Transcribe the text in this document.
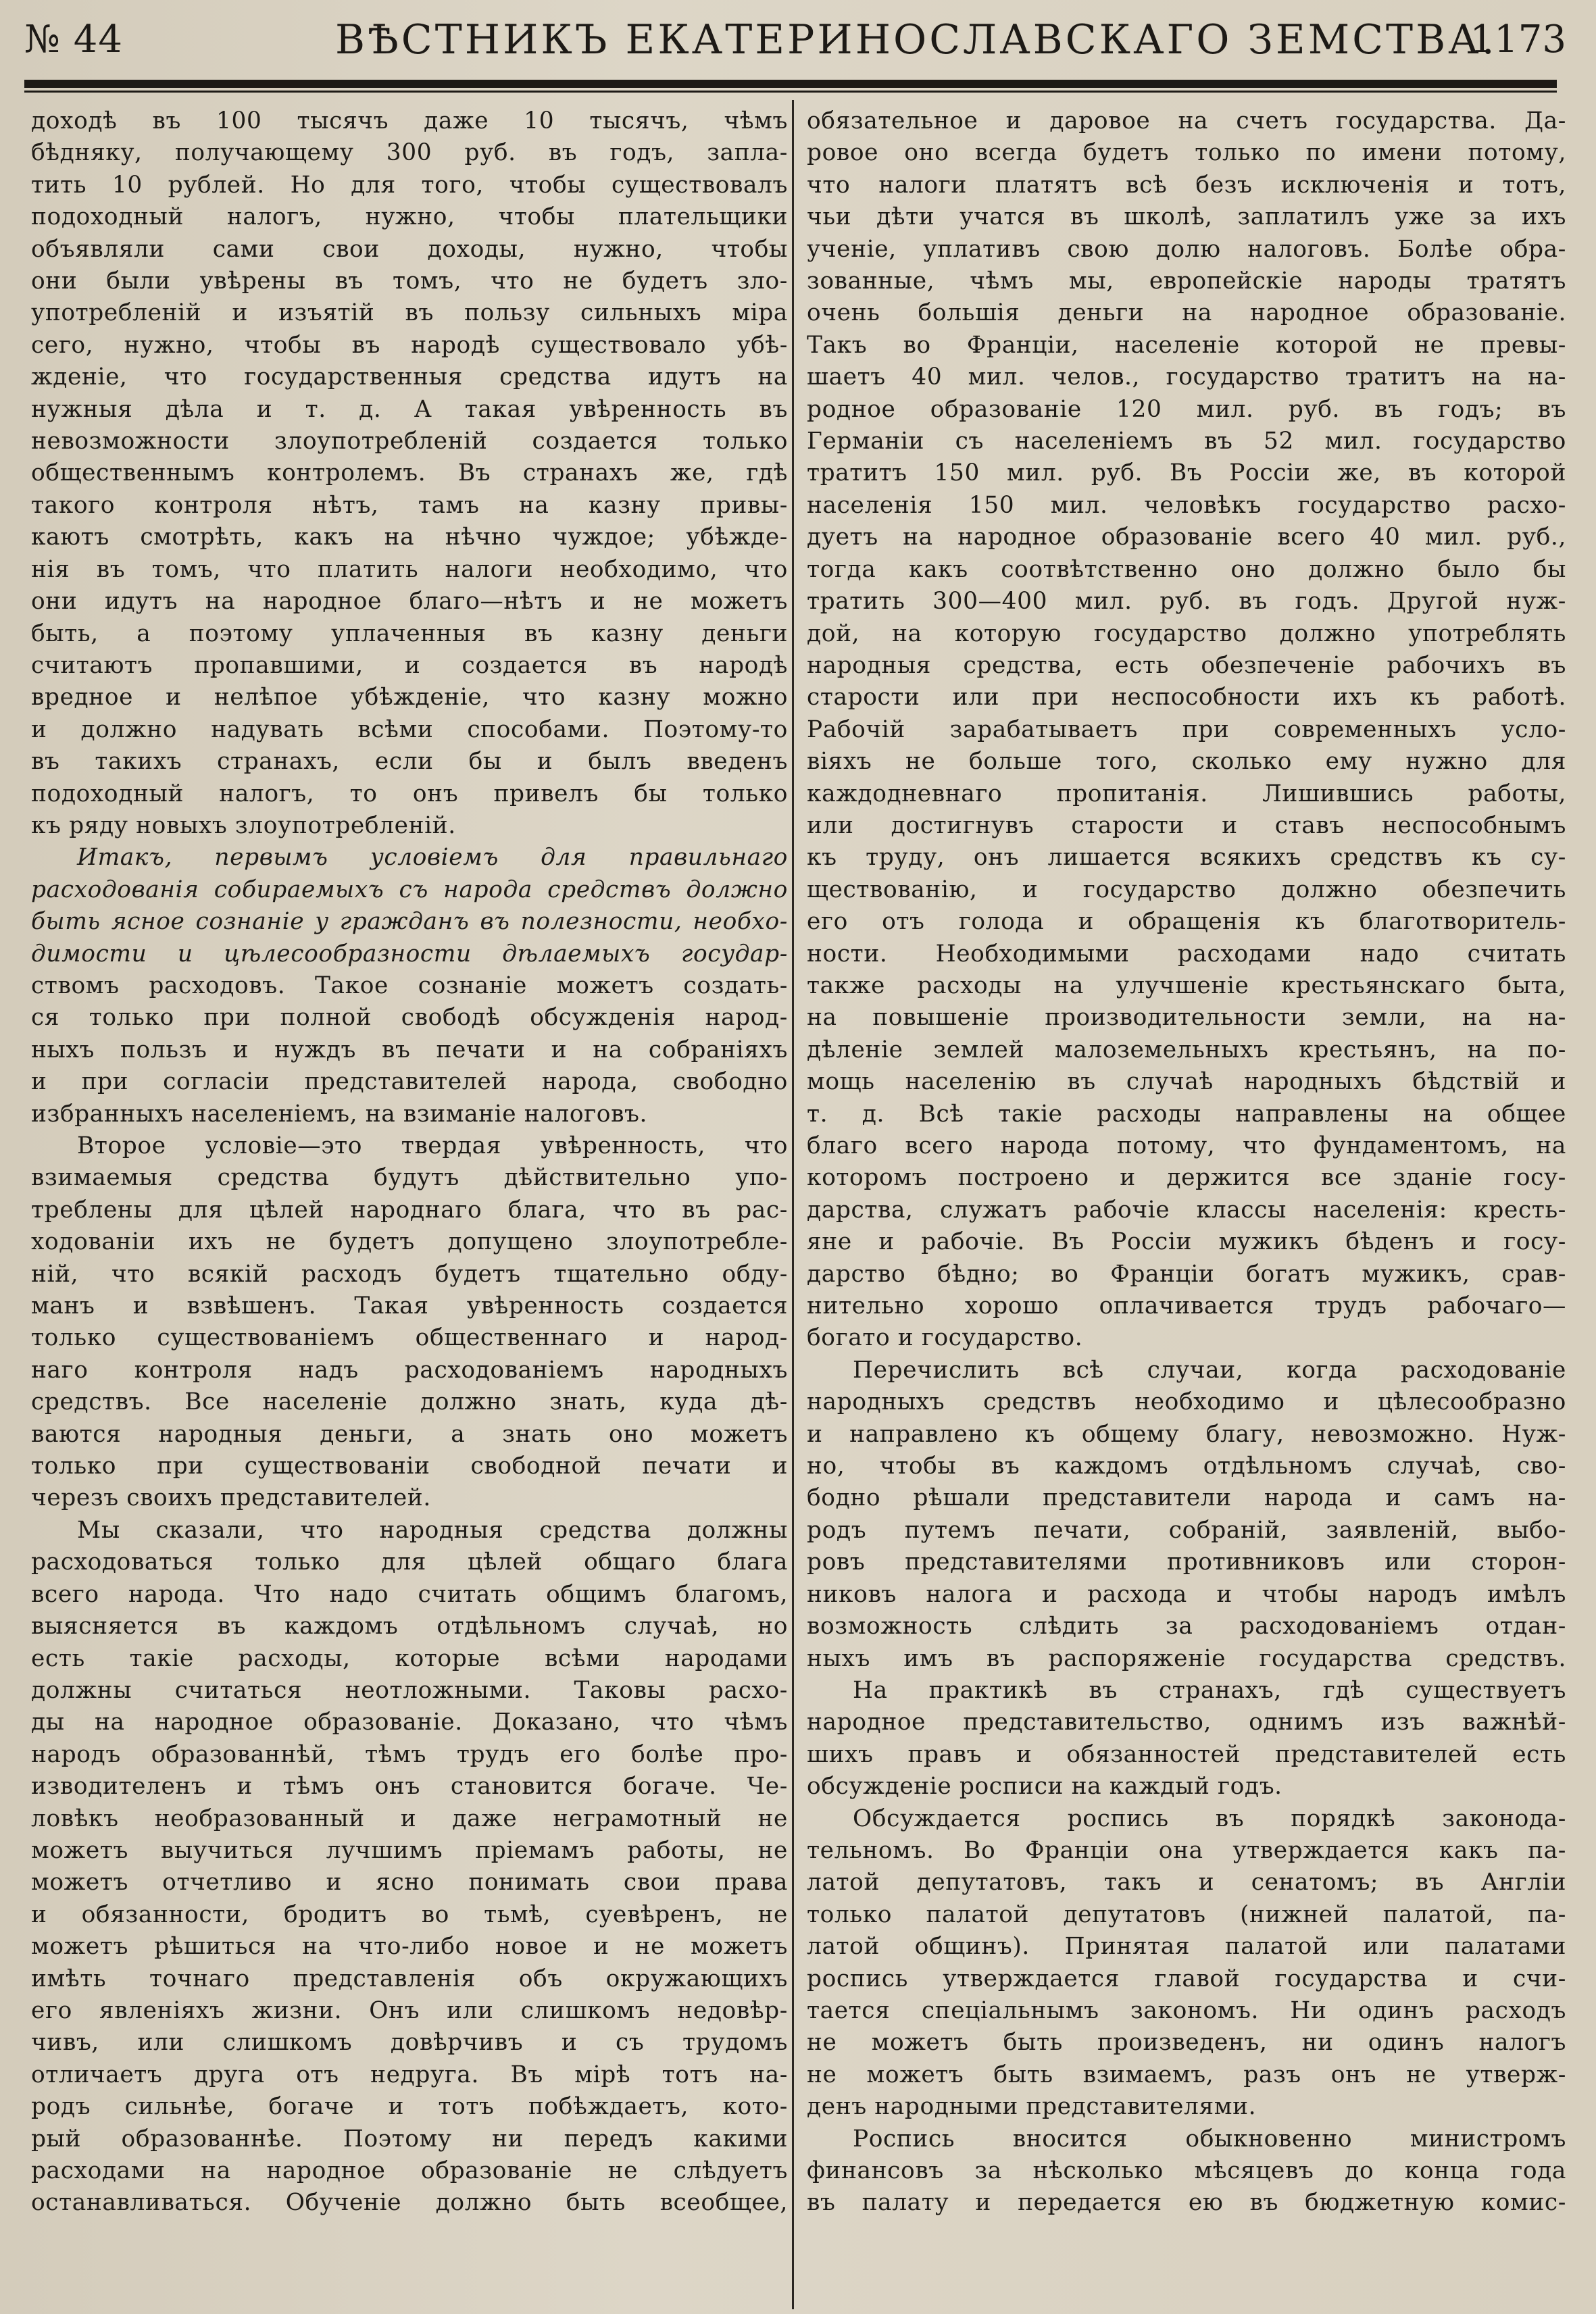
№ 44	ВѢСТНИКЪ ЕКАТЕРИНОСЛАВСКАГО ЗЕМСТВА.
1173
доходѣ въ 100 тысячъ даже 10 тысячъ, чѣмъ
бѣдняку, получающему 300 руб. въ годъ, запла-
тить 10 рублей. Но для того, чтобы существовалъ
подоходный налогъ, нужно, чтобы плательщики
объявляли сами свои доходы, нужно, чтобы
они были увѣрены въ томъ, что не будетъ зло-
употребленій и изъятій въ пользу сильныхъ міра
сего, нужно, чтобы въ народѣ существовало убѣ-
жденіе, что государственныя средства идутъ на
нужныя дѣла и т. д. А такая увѣренность въ
невозможности злоупотребленій создается только
общественнымъ контролемъ. Въ странахъ же, гдѣ
такого контроля нѣтъ, тамъ на казну привы-
каютъ смотрѣть, какъ на нѣчно чуждое; убѣжде-
нія въ томъ, что платить налоги необходимо, что
они идутъ на народное благо—нѣтъ и не можетъ
быть, а поэтому уплаченныя въ казну деньги
считаютъ пропавшими, и создается въ народѣ
вредное и нелѣпое убѣжденіе, что казну можно
и должно надувать всѣми способами. Поэтому-то
въ такихъ странахъ, если бы и былъ введенъ
подоходный налогъ, то онъ привелъ бы только
къ ряду новыхъ злоупотребленій.
Итакъ, первымъ условіемъ для правильнаго
расходованія собираемыхъ съ народа средствъ должно
быть ясное сознаніе у гражданъ въ полезности, необхо-
димости и цѣлесообразности дѣлаемыхъ государ-
ствомъ расходовъ. Такое сознаніе можетъ создать-
ся только при полной свободѣ обсужденія народ-
ныхъ пользъ и нуждъ въ печати и на собраніяхъ
и при согласіи представителей народа, свободно
избранныхъ населеніемъ, на взиманіе налоговъ.
Второе условіе—это твердая увѣренность, что
взимаемыя средства будутъ дѣйствительно упо-
треблены для цѣлей народнаго блага, что въ рас-
ходованіи ихъ не будетъ допущено злоупотребле-
ній, что всякій расходъ будетъ тщательно обду-
манъ и взвѣшенъ. Такая увѣренность создается
только существованіемъ общественнаго и народ-
наго контроля надъ расходованіемъ народныхъ
средствъ. Все населеніе должно знать, куда дѣ-
ваются народныя деньги, а знать оно можетъ
только при существованіи свободной печати и
черезъ своихъ представителей.
Мы сказали, что народныя средства должны
расходоваться только для цѣлей общаго блага
всего народа. Что надо считать общимъ благомъ,
выясняется въ каждомъ отдѣльномъ случаѣ, но
есть такіе расходы, которые всѣми народами
должны считаться неотложными. Таковы расхо-
ды на народное образованіе. Доказано, что чѣмъ
народъ образованнѣй, тѣмъ трудъ его болѣе про-
изводителенъ и тѣмъ онъ становится богаче. Че-
ловѣкъ необразованный и даже неграмотный не
можетъ выучиться лучшимъ пріемамъ работы, не
можетъ отчетливо и ясно понимать свои права
и обязанности, бродитъ во тьмѣ, суевѣренъ, не
можетъ рѣшиться на что-либо новое и не можетъ
имѣть точнаго представленія объ окружающихъ
его явленіяхъ жизни. Онъ или слишкомъ недовѣр-
чивъ, или слишкомъ довѣрчивъ и съ трудомъ
отличаетъ друга отъ недруга. Въ мірѣ тотъ на-
родъ сильнѣе, богаче и тотъ побѣждаетъ, кото-
рый образованнѣе. Поэтому ни передъ какими
расходами на народное образованіе не слѣдуетъ
останавливаться. Обученіе должно быть всеобщее,
обязательное и даровое на счетъ государства. Да-
ровое оно всегда будетъ только по имени потому,
что налоги платятъ всѣ безъ исключенія и тотъ,
чьи дѣти учатся въ школѣ, заплатилъ уже за ихъ
ученіе, уплативъ свою долю налоговъ. Болѣе обра-
зованные, чѣмъ мы, европейскіе народы тратятъ
очень большія деньги на народное образованіе.
Такъ во Франціи, населеніе которой не превы-
шаетъ 40 мил. челов., государство тратитъ на на-
родное образованіе 120 мил. руб. въ годъ; въ
Германіи съ населеніемъ въ 52 мил. государство
тратитъ 150 мил. руб. Въ Россіи же, въ которой
населенія 150 мил. человѣкъ государство расхо-
дуетъ на народное образованіе всего 40 мил. руб.,
тогда какъ соотвѣтственно оно должно было бы
тратить 300—400 мил. руб. въ годъ. Другой нуж-
дой, на которую государство должно употреблять
народныя средства, есть обезпеченіе рабочихъ въ
старости или при неспособности ихъ къ работѣ.
Рабочій зарабатываетъ при современныхъ усло-
віяхъ не больше того, сколько ему нужно для
каждодневнаго пропитанія. Лишившись работы,
или достигнувъ старости и ставъ неспособнымъ
къ труду, онъ лишается всякихъ средствъ къ су-
ществованію, и государство должно обезпечить
его отъ голода и обращенія къ благотворитель-
ности. Необходимыми расходами надо считать
также расходы на улучшеніе крестьянскаго быта,
на повышеніе производительности земли, на на-
дѣленіе землей малоземельныхъ крестьянъ, на по-
мощь населенію въ случаѣ народныхъ бѣдствій и
т. д. Всѣ такіе расходы направлены на общее
благо всего народа потому, что фундаментомъ, на
которомъ построено и держится все зданіе госу-
дарства, служатъ рабочіе классы населенія: кресть-
яне и рабочіе. Въ Россіи мужикъ бѣденъ и госу-
дарство бѣдно; во Франціи богатъ мужикъ, срав-
нительно хорошо оплачивается трудъ рабочаго—
богато и государство.
Перечислить всѣ случаи, когда расходованіе
народныхъ средствъ необходимо и цѣлесообразно
и направлено къ общему благу, невозможно. Нуж-
но, чтобы въ каждомъ отдѣльномъ случаѣ, сво-
бодно рѣшали представители народа и самъ на-
родъ путемъ печати, собраній, заявленій, выбо-
ровъ представителями противниковъ или сторон-
никовъ налога и расхода и чтобы народъ имѣлъ
возможность слѣдить за расходованіемъ отдан-
ныхъ имъ въ распоряженіе государства средствъ.
На практикѣ въ странахъ, гдѣ существуетъ
народное представительство, однимъ изъ важнѣй-
шихъ правъ и обязанностей представителей есть
обсужденіе росписи на каждый годъ.
Обсуждается роспись въ порядкѣ законода-
тельномъ. Во Франціи она утверждается какъ па-
латой депутатовъ, такъ и сенатомъ; въ Англіи
только палатой депутатовъ (нижней палатой, па-
латой общинъ). Принятая палатой или палатами
роспись утверждается главой государства и счи-
тается спеціальнымъ закономъ. Ни одинъ расходъ
не можетъ быть произведенъ, ни одинъ налогъ
не можетъ быть взимаемъ, разъ онъ не утверж-
денъ народными представителями.
Роспись вносится обыкновенно министромъ
финансовъ за нѣсколько мѣсяцевъ до конца года
въ палату и передается ею въ бюджетную комис-
